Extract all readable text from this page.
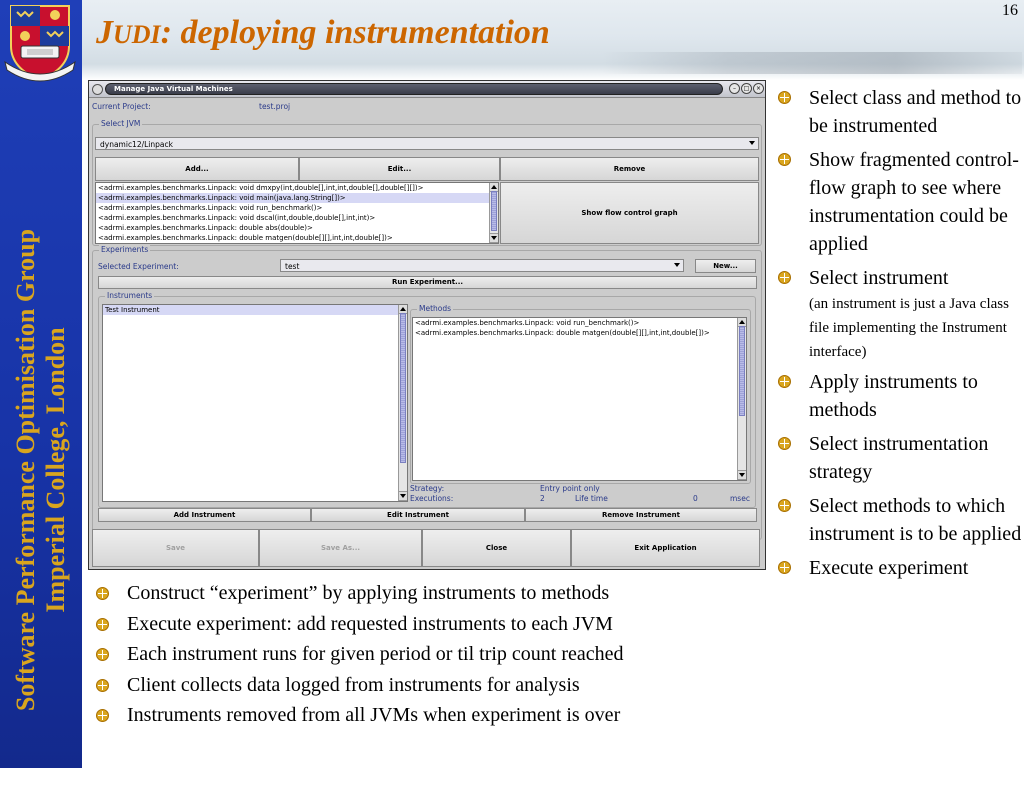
Software Performance Optimisation Group Imperial College, London
JUDI: deploying instrumentation
16
Manage Java Virtual Machines	–	□	×
Current Project:	test.proj
Select JVM
dynamic12/Linpack
Add...	Edit...	Remove
<adrmi.examples.benchmarks.Linpack: void dmxpy(int,double[],int,int,double[],double[][])>
<adrmi.examples.benchmarks.Linpack: void main(java.lang.String[])>
<adrmi.examples.benchmarks.Linpack: void run_benchmark()>
<adrmi.examples.benchmarks.Linpack: void dscal(int,double,double[],int,int)>
<adrmi.examples.benchmarks.Linpack: double abs(double)>
<adrmi.examples.benchmarks.Linpack: double matgen(double[][],int,int,double[])>
Show flow control graph
Experiments
Selected Experiment:	test	New...
Run Experiment...
Instruments
Test Instrument	Methods
<adrmi.examples.benchmarks.Linpack: void run_benchmark()>
<adrmi.examples.benchmarks.Linpack: double matgen(double[][],int,int,double[])>
Strategy:	Entry point only
Executions:	2	Life time	0	msec
Add Instrument	Edit Instrument	Remove Instrument
Save	Save As...	Close	Exit Application
Construct “experiment” by applying instruments to methods
Execute experiment: add requested instruments to each JVM
Each instrument runs for given period or til trip count reached
Client collects data logged from instruments for analysis
Instruments removed from all JVMs when experiment is over
Select class and method to be instrumented
Show fragmented control-flow graph to see where instrumentation could be applied
Select instrument
(an instrument is just a Java class file implementing the Instrument interface)
Apply instruments to methods
Select instrumentation strategy
Select methods to which instrument is to be applied
Execute experiment
